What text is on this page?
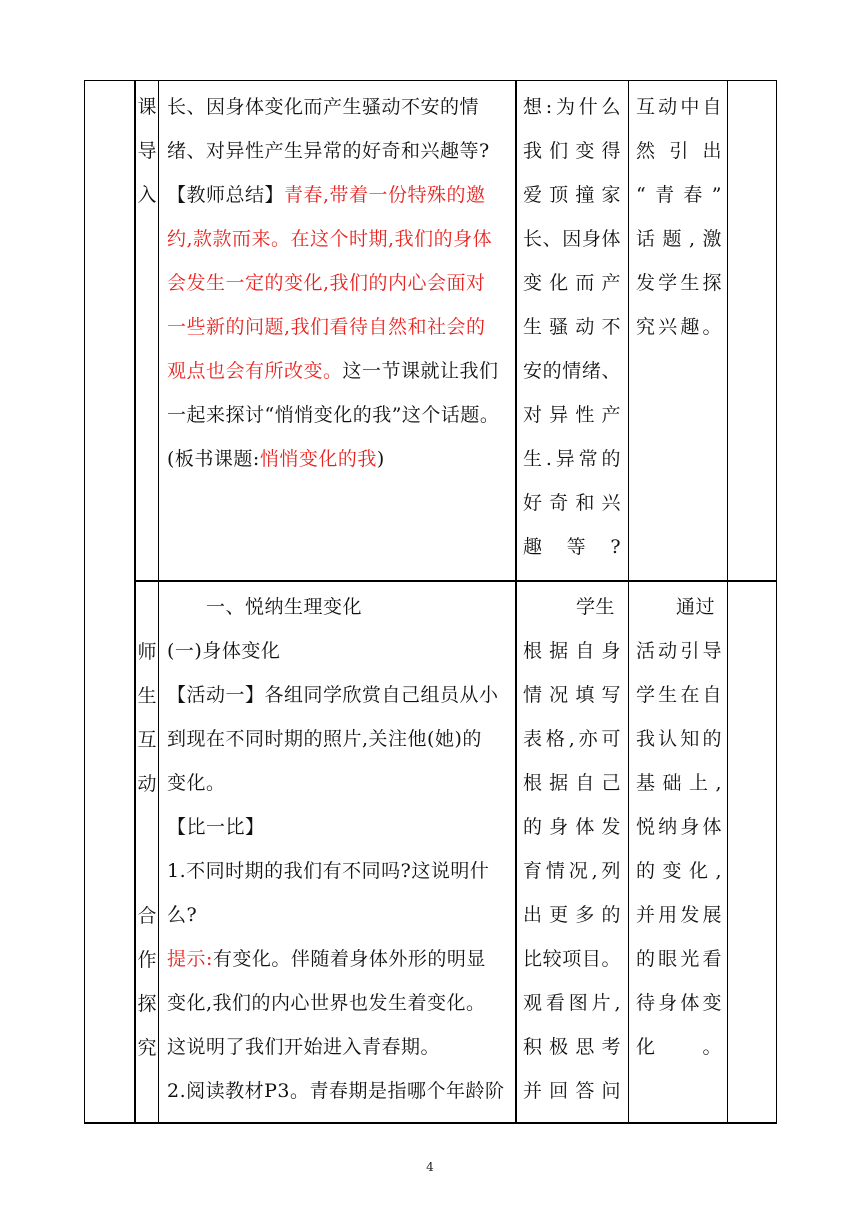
课
导
入
长、因身体变化而产生骚动不安的情
绪、对异性产生异常的好奇和兴趣等?
【教师总结】青春,带着一份特殊的邀
约,款款而来。在这个时期,我们的身体
会发生一定的变化,我们的内心会面对
一些新的问题,我们看待自然和社会的
观点也会有所改变。这一节课就让我们
一起来探讨“悄悄变化的我”这个话题。
(板书课题:悄悄变化的我)
想:为什么
我们变得
爱顶撞家
长、因身体
变化而产
生骚动不
安的情绪、
对异性产
生.异常的
好奇和兴
趣等?
互动中自
然引出
“青春”
话题,激
发学生探
究兴趣。
师
生
互
动
合
作
探
究
　　一、悦纳生理变化
(一)身体变化
【活动一】各组同学欣赏自己组员从小
到现在不同时期的照片,关注他(她)的
变化。
【比一比】
1.不同时期的我们有不同吗?这说明什
么?
提示:有变化。伴随着身体外形的明显
变化,我们的内心世界也发生着变化。
这说明了我们开始进入青春期。
2.阅读教材P3。青春期是指哪个年龄阶
学生
根据自身
情况填写
表格,亦可
根据自己
的身体发
育情况,列
出更多的
比较项目。
观看图片,
积极思考
并回答问
通过
活动引导
学生在自
我认知的
基础上,
悦纳身体
的变化,
并用发展
的眼光看
待身体变
化。
4
